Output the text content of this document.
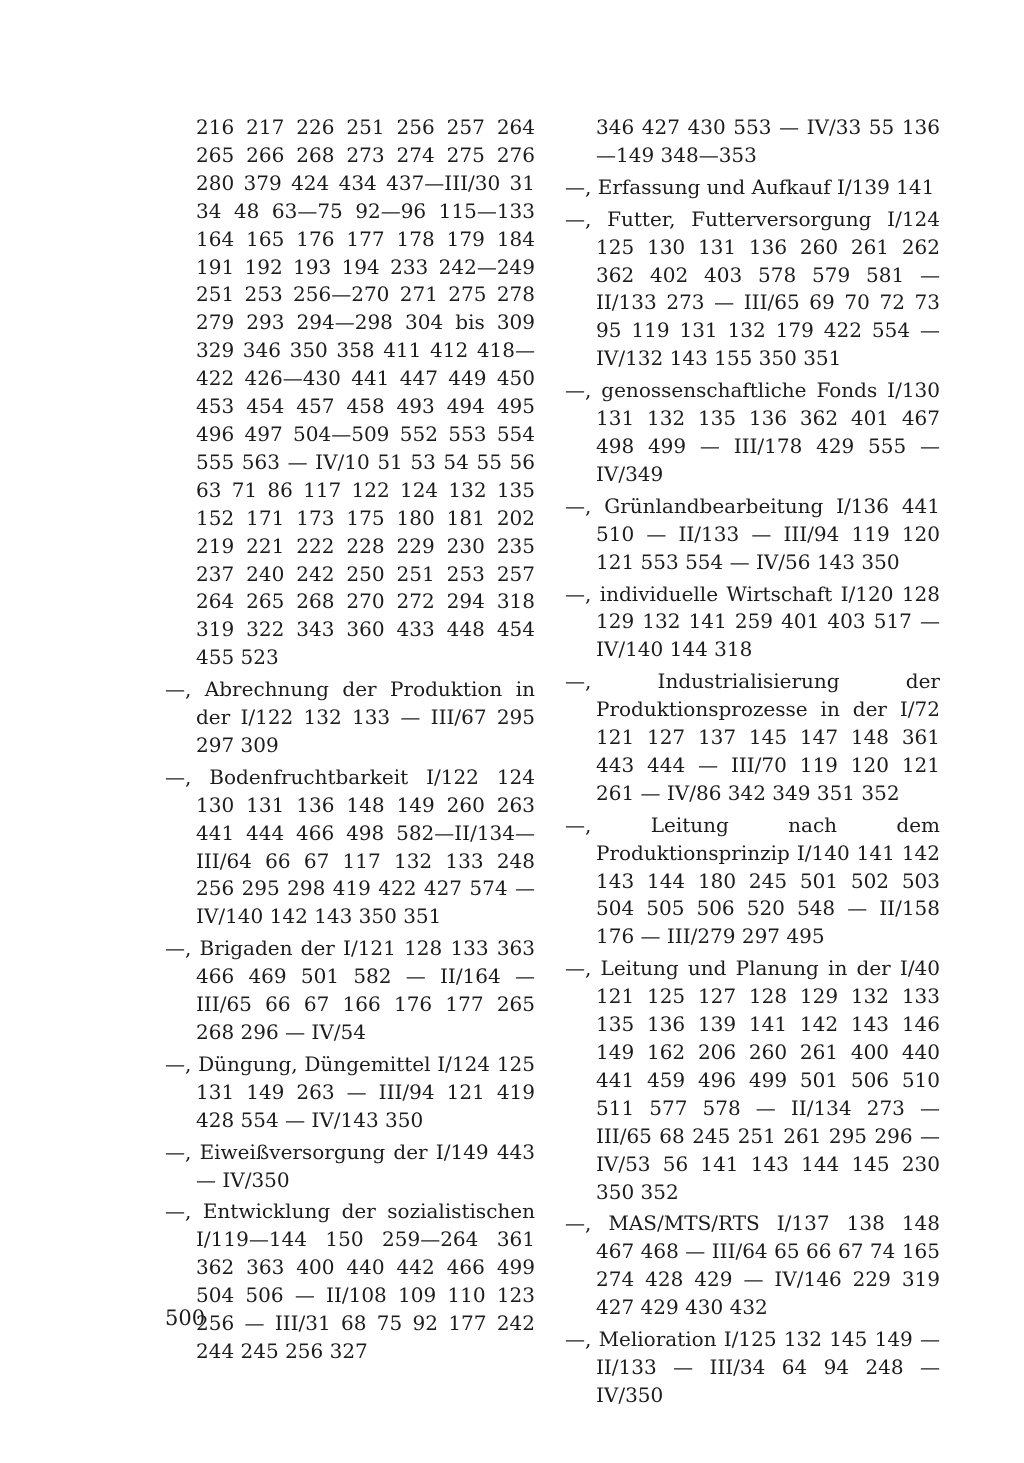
216 217 226 251 256 257 264 265 266 268 273 274 275 276 280 379 424 434 437—III/30 31 34 48 63—75 92—96 115—133 164 165 176 177 178 179 184 191 192 193 194 233 242—249 251 253 256—270 271 275 278 279 293 294—298 304 bis 309 329 346 350 358 411 412 418—422 426—430 441 447 449 450 453 454 457 458 493 494 495 496 497 504—509 552 553 554 555 563 — IV/10 51 53 54 55 56 63 71 86 117 122 124 132 135 152 171 173 175 180 181 202 219 221 222 228 229 230 235 237 240 242 250 251 253 257 264 265 268 270 272 294 318 319 322 343 360 433 448 454 455 523

—, Abrechnung der Produktion in der I/122 132 133 — III/67 295 297 309

—, Bodenfruchtbarkeit I/122 124 130 131 136 148 149 260 263 441 444 466 498 582—II/134—III/64 66 67 117 132 133 248 256 295 298 419 422 427 574 — IV/140 142 143 350 351

—, Brigaden der I/121 128 133 363 466 469 501 582 — II/164 — III/65 66 67 166 176 177 265 268 296 — IV/54

—, Düngung, Düngemittel I/124 125 131 149 263 — III/94 121 419 428 554 — IV/143 350

—, Eiweißversorgung der I/149 443— IV/350

—, Entwicklung der sozialistischen I/119—144 150 259—264 361 362 363 400 440 442 466 499 504 506 — II/108 109 110 123 256 — III/31 68 75 92 177 242 244 245 256 327

346 427 430 553 — IV/33 55 136—149 348—353

—, Erfassung und Aufkauf I/139 141

—, Futter, Futterversorgung I/124 125 130 131 136 260 261 262 362 402 403 578 579 581 — II/133 273 — III/65 69 70 72 73 95 119 131 132 179 422 554 — IV/132 143 155 350 351

—, genossenschaftliche Fonds I/130 131 132 135 136 362 401 467 498 499 — III/178 429 555 — IV/349

—, Grünlandbearbeitung I/136 441 510 — II/133 — III/94 119 120 121 553 554 — IV/56 143 350

—, individuelle Wirtschaft I/120 128 129 132 141 259 401 403 517 — IV/140 144 318

—, Industrialisierung der Produktionsprozesse in der I/72 121 127 137 145 147 148 361 443 444 — III/70 119 120 121 261 — IV/86 342 349 351 352

—, Leitung nach dem Produktionsprinzip I/140 141 142 143 144 180 245 501 502 503 504 505 506 520 548 — II/158 176 — III/279 297 495

—, Leitung und Planung in der I/40 121 125 127 128 129 132 133 135 136 139 141 142 143 146 149 162 206 260 261 400 440 441 459 496 499 501 506 510 511 577 578 — II/134 273 — III/65 68 245 251 261 295 296 — IV/53 56 141 143 144 145 230 350 352

—, MAS/MTS/RTS I/137 138 148 467 468 — III/64 65 66 67 74 165 274 428 429 — IV/146 229 319 427 429 430 432

—, Melioration I/125 132 145 149 — II/133 — III/34 64 94 248 — IV/350

500
